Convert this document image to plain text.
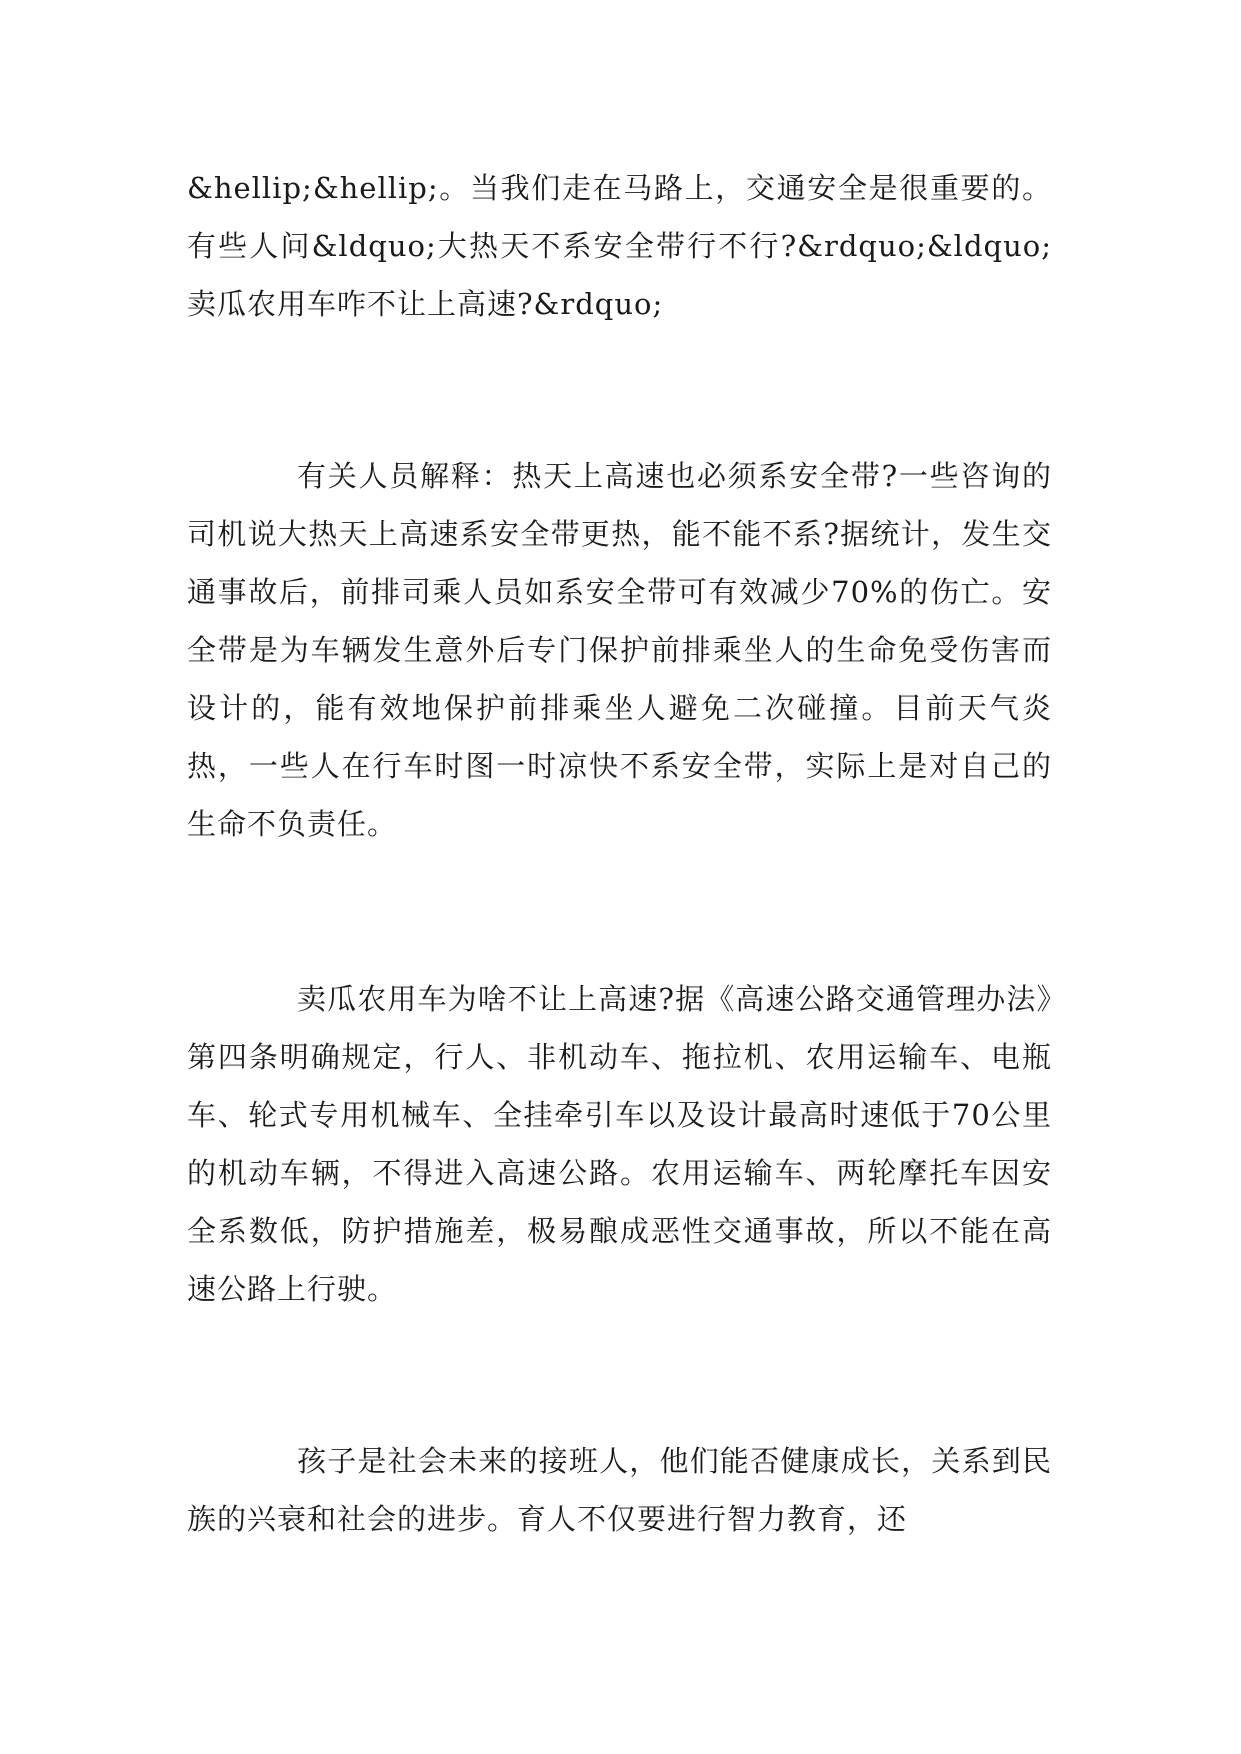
&hellip;&hellip;。当我们走在马路上，交通安全是很重要的。有些人问&ldquo;大热天不系安全带行不行?&rdquo;&ldquo;卖瓜农用车咋不让上高速?&rdquo;

有关人员解释：热天上高速也必须系安全带?一些咨询的司机说大热天上高速系安全带更热，能不能不系?据统计，发生交通事故后，前排司乘人员如系安全带可有效减少70%的伤亡。安全带是为车辆发生意外后专门保护前排乘坐人的生命免受伤害而设计的，能有效地保护前排乘坐人避免二次碰撞。目前天气炎热，一些人在行车时图一时凉快不系安全带，实际上是对自己的生命不负责任。

卖瓜农用车为啥不让上高速?据《高速公路交通管理办法》第四条明确规定，行人、非机动车、拖拉机、农用运输车、电瓶车、轮式专用机械车、全挂牵引车以及设计最高时速低于70公里的机动车辆，不得进入高速公路。农用运输车、两轮摩托车因安全系数低，防护措施差，极易酿成恶性交通事故，所以不能在高速公路上行驶。

孩子是社会未来的接班人，他们能否健康成长，关系到民族的兴衰和社会的进步。育人不仅要进行智力教育，还
